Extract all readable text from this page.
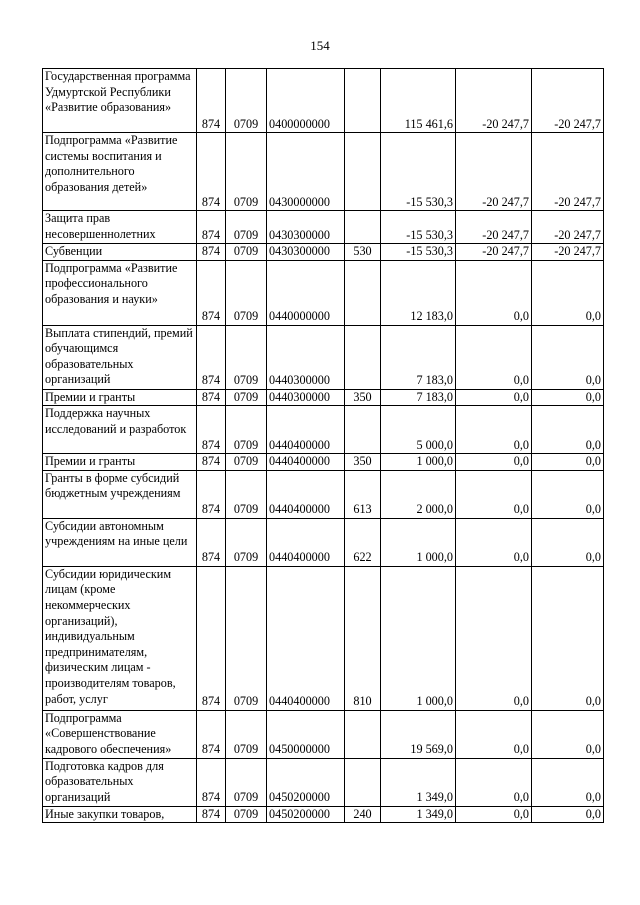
154
Государственная программа Удмуртской Республики «Развитие образования»	874	0709	0400000000		115 461,6	-20 247,7	-20 247,7
Подпрограмма «Развитие системы воспитания и дополнительного образования детей»	874	0709	0430000000		-15 530,3	-20 247,7	-20 247,7
Защита прав несовершеннолетних	874	0709	0430300000		-15 530,3	-20 247,7	-20 247,7
Субвенции	874	0709	0430300000	530	-15 530,3	-20 247,7	-20 247,7
Подпрограмма «Развитие профессионального образования и науки»	874	0709	0440000000		12 183,0	0,0	0,0
Выплата стипендий, премий обучающимся образовательных организаций	874	0709	0440300000		7 183,0	0,0	0,0
Премии и гранты	874	0709	0440300000	350	7 183,0	0,0	0,0
Поддержка научных исследований и разработок	874	0709	0440400000		5 000,0	0,0	0,0
Премии и гранты	874	0709	0440400000	350	1 000,0	0,0	0,0
Гранты в форме субсидий бюджетным учреждениям	874	0709	0440400000	613	2 000,0	0,0	0,0
Субсидии автономным учреждениям на иные цели	874	0709	0440400000	622	1 000,0	0,0	0,0
Субсидии юридическим лицам (кроме некоммерческих организаций), индивидуальным предпринимателям, физическим лицам - производителям товаров, работ, услуг	874	0709	0440400000	810	1 000,0	0,0	0,0
Подпрограмма «Совершенствование кадрового обеспечения»	874	0709	0450000000		19 569,0	0,0	0,0
Подготовка кадров для образовательных организаций	874	0709	0450200000		1 349,0	0,0	0,0
Иные закупки товаров,	874	0709	0450200000	240	1 349,0	0,0	0,0
